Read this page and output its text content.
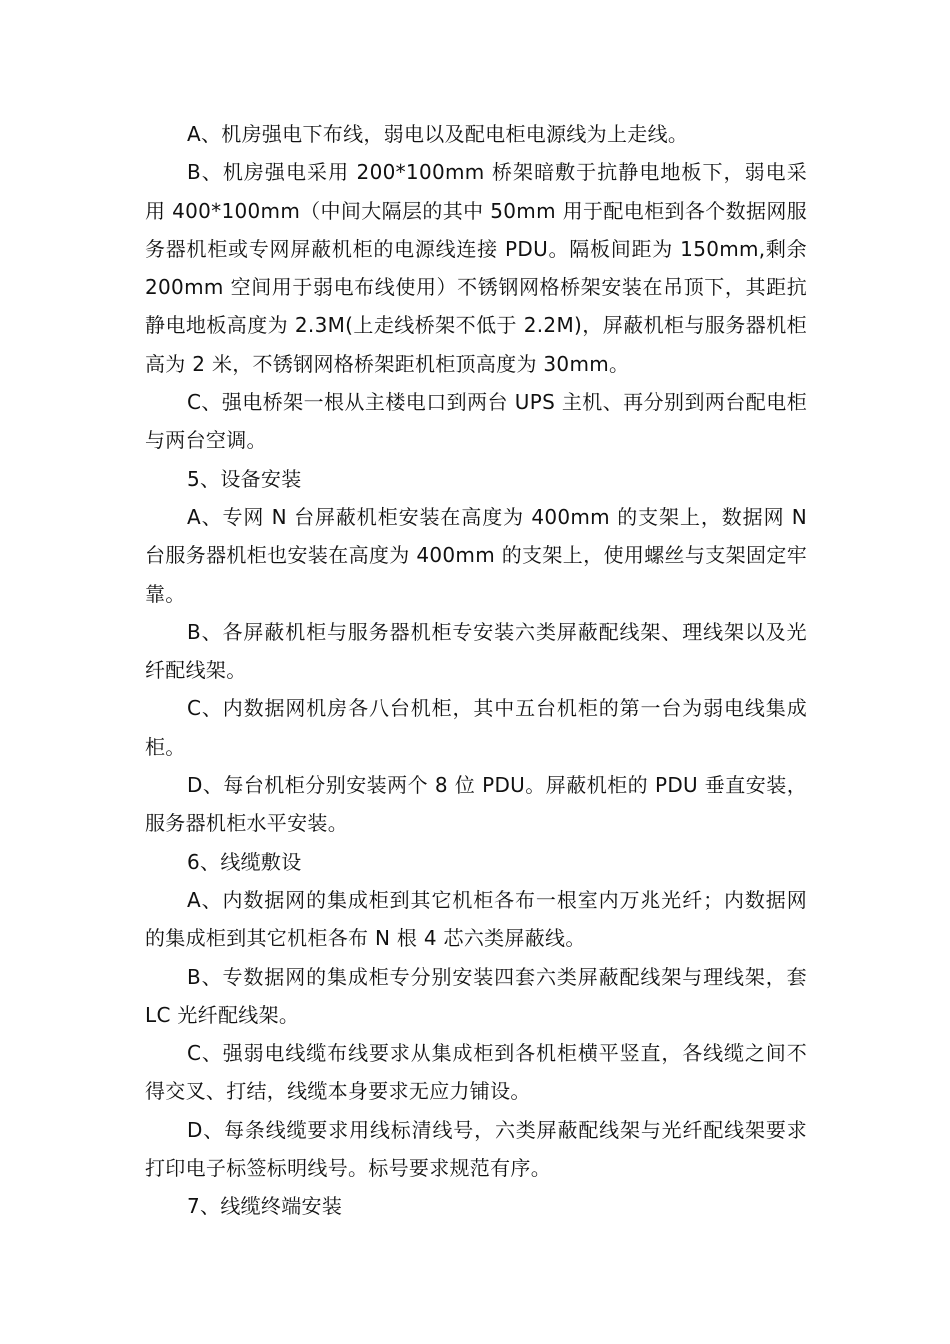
A、机房强电下布线，弱电以及配电柜电源线为上走线。

B、机房强电采用 200*100mm 桥架暗敷于抗静电地板下，弱电采用 400*100mm（中间大隔层的其中 50mm 用于配电柜到各个数据网服务器机柜或专网屏蔽机柜的电源线连接 PDU。隔板间距为 150mm,剩余 200mm 空间用于弱电布线使用）不锈钢网格桥架安装在吊顶下，其距抗静电地板高度为 2.3M(上走线桥架不低于 2.2M)，屏蔽机柜与服务器机柜高为 2 米，不锈钢网格桥架距机柜顶高度为 30mm。

C、强电桥架一根从主楼电口到两台 UPS 主机、再分别到两台配电柜与两台空调。

5、设备安装

A、专网 N 台屏蔽机柜安装在高度为 400mm 的支架上，数据网 N 台服务器机柜也安装在高度为 400mm 的支架上，使用螺丝与支架固定牢靠。

B、各屏蔽机柜与服务器机柜专安装六类屏蔽配线架、理线架以及光纤配线架。

C、内数据网机房各八台机柜，其中五台机柜的第一台为弱电线集成柜。

D、每台机柜分别安装两个 8 位 PDU。屏蔽机柜的 PDU 垂直安装，服务器机柜水平安装。

6、线缆敷设

A、内数据网的集成柜到其它机柜各布一根室内万兆光纤；内数据网的集成柜到其它机柜各布 N 根 4 芯六类屏蔽线。

B、专数据网的集成柜专分别安装四套六类屏蔽配线架与理线架，套 LC 光纤配线架。

C、强弱电线缆布线要求从集成柜到各机柜横平竖直，各线缆之间不得交叉、打结，线缆本身要求无应力铺设。

D、每条线缆要求用线标清线号，六类屏蔽配线架与光纤配线架要求打印电子标签标明线号。标号要求规范有序。

7、线缆终端安装
